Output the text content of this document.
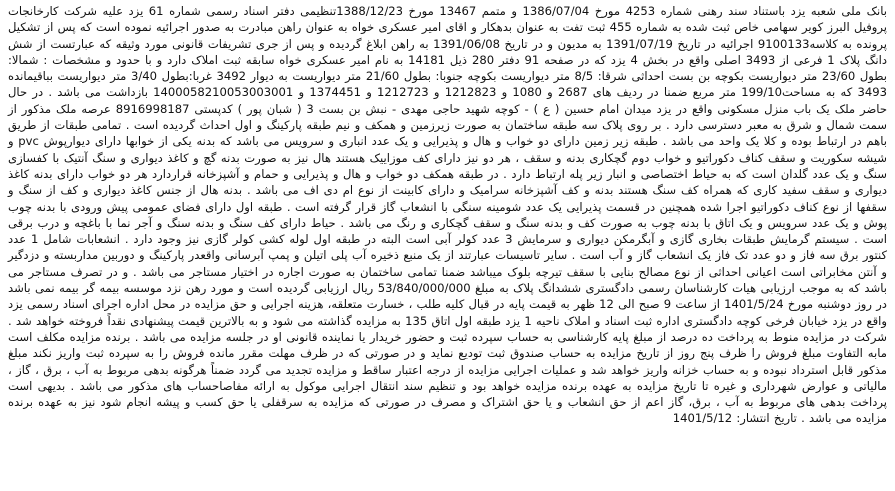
بانک ملی شعبه یزد باستناد سند رهنی شماره 4253 مورخ 1386/07/04 و متمم 13467 مورخ 1388/12/23تنظیمی دفتر اسناد رسمی شماره 61 یزد علیه شرکت کارخانجات پروفیل البرز کویر سهامی خاص ثبت شده به شماره 455 ثبت تفت به عنوان بدهکار و اقای امیر عسکری خواه به عنوان راهن مبادرت به صدور اجرائیه نموده است که پس از تشکیل پرونده به کلاسه9100133 اجرائیه در تاریخ 1391/07/19 به مدیون و در تاریخ 1391/06/08 به راهن ابلاغ گردیده و پس از جری تشریفات قانونی مورد وثیقه که عبارتست از شش دانگ پلاک 1 فرعی از 3493 اصلی واقع در بخش 4 یزد که در صفحه 91 دفتر 280 ذیل 14181 به نام امیر عسکری خواه سابقه ثبت املاک دارد و با حدود و مشخصات : شمالا: بطول 23/60 متر دیواریست بکوچه بن بست احداثی شرقا: 8/5 متر دیواریست بکوچه جنوبا: بطول 21/60 متر دیواریست به دیوار 3492 غربا:بطول 3/40 متر دیواریست بباقیمانده 3493 که به مساحت199/10 متر مربع ضمنا در ردیف های 2687 و 1080 و 1212823 و 1212723 و 1374451 و 1400058210053003001 بازداشت می باشد . در حال حاضر ملک یک باب منزل مسکونی واقع در یزد میدان امام حسین ( ع ) - کوچه شهید حاجی مهدی - نبش بن بست 3 ( شبان پور ) کدپستی 8916998187 عرصه ملک مذکور از سمت شمال و شرق به معبر دسترسی دارد . بر روی پلاک سه طبقه ساختمان به صورت زیرزمین و همکف و نیم طبقه پارکینگ و اول احداث گردیده است . تمامی طبقات از طریق باهم در ارتباط بوده و کلا یک واحد می باشد . طبقه زیر زمین دارای دو خواب و هال و پذیرایی و یک عدد انباری و سرویس می باشد که بدنه یکی از خوابها دارای دیوارپوش pvc و شیشه سکوریت و سقف کناف دکوراتیو و خواب دوم گچکاری بدنه و سقف ، هر دو نیز دارای کف موزاییک هستند هال نیز به صورت بدنه گچ و کاغذ دیواری و سنگ آنتیک با کفسازی سنگ و یک عدد گلدان است که به حیاط اختصاصی و انبار زیر پله ارتباط دارد . در طبقه همکف دو خواب و هال و پذیرایی و حمام و آشپزخانه قراردارد هر دو خواب دارای بدنه کاغذ دیواری و سقف سفید کاری که همراه کف سنگ هستند بدنه و کف آشپزخانه سرامیک و دارای کابینت از نوع ام دی اف می باشد . بدنه هال از جنس کاغذ دیواری و کف از سنگ و سقفها از نوع کناف دکوراتیو اجرا شده همچنین در قسمت پذیرایی یک عدد شومینه سنگی با انشعاب گاز قرار گرفته است . طبقه اول دارای فضای عمومی پیش ورودی با بدنه چوب پوش و یک عدد سرویس و یک اتاق با بدنه چوب به صورت کف و بدنه سنگ و سقف گچکاری و رنگ می باشد . حیاط دارای کف سنگ و بدنه سنگ و آجر نما با باغچه و درب برقی است . سیستم گرمایش طبقات بخاری گازی و آبگرمکن دیواری و سرمایش 3 عدد کولر آبی است البته در طبقه اول لوله کشی کولر گازی نیز وجود دارد . انشعابات شامل 1 عدد کنتور برق سه فاز و دو عدد تک فاز یک انشعاب گاز و آب است . سایر تاسیسات عبارتند از یک منبع ذخیره آب پلی اتیلن و پمپ آبرسانی واقعدر پارکینگ و دوربین مداربسته و دزدگیر و آنتن مخابراتی است اعیانی احداثی از نوع مصالح بنایی با سقف تیرچه بلوک میباشد ضمنا تمامی ساختمان به صورت اجاره در اختیار مستاجر می باشد . و در تصرف مستاجر می باشد که به موجب ارزیابی هیات کارشناسان رسمی دادگستری ششدانگ پلاک به مبلغ 53/840/000/000 ریال ارزیابی گردیده است و مورد رهن نزد موسسه بیمه گر بیمه نمی باشد در روز دوشنبه مورخ 1401/5/24 از ساعت 9 صبح الی 12 ظهر به قیمت پایه در قبال کلیه طلب ، خسارت متعلقه، هزینه اجرایی و حق مزایده در محل اداره اجرای اسناد رسمی یزد واقع در یزد خیابان فرخی کوچه دادگستری اداره ثبت اسناد و املاک ناحیه 1 یزد طبقه اول اتاق 135 به مزایده گذاشته می شود و به بالاترین قیمت پیشنهادی نقداً فروخته خواهد شد . شرکت در مزایده منوط به پرداخت ده درصد از مبلغ پایه کارشناسی به حساب سپرده ثبت و حضور خریدار یا نماینده قانونی او در جلسه مزایده می باشد . برنده مزایده مکلف است مابه التفاوت مبلغ فروش را ظرف پنج روز از تاریخ مزایده به حساب صندوق ثبت تودیع نماید و در صورتی که در ظرف مهلت مقرر مانده فروش را به سپرده ثبت واریز نکند مبلغ مذکور قابل استرداد نبوده و به حساب خزانه واریز خواهد شد و عملیات اجرایی مزایده از درجه اعتبار ساقط و مزایده تجدید می گردد ضمناً هرگونه بدهی مربوط به آب ، برق ، گاز ، مالیاتی و عوارض شهرداری و غیره تا تاریخ مزایده به عهده برنده مزایده خواهد بود و تنظیم سند انتقال اجرایی موکول به ارائه مفاصاحساب های مذکور می باشد . بدیهی است پرداخت بدهی های مربوط به آب ، برق، گاز اعم از حق انشعاب و یا حق اشتراک و مصرف در صورتی که مزایده به سرقفلی یا حق کسب و پیشه انجام شود نیز به عهده برنده مزایده می باشد . تاریخ انتشار: 1401/5/12
